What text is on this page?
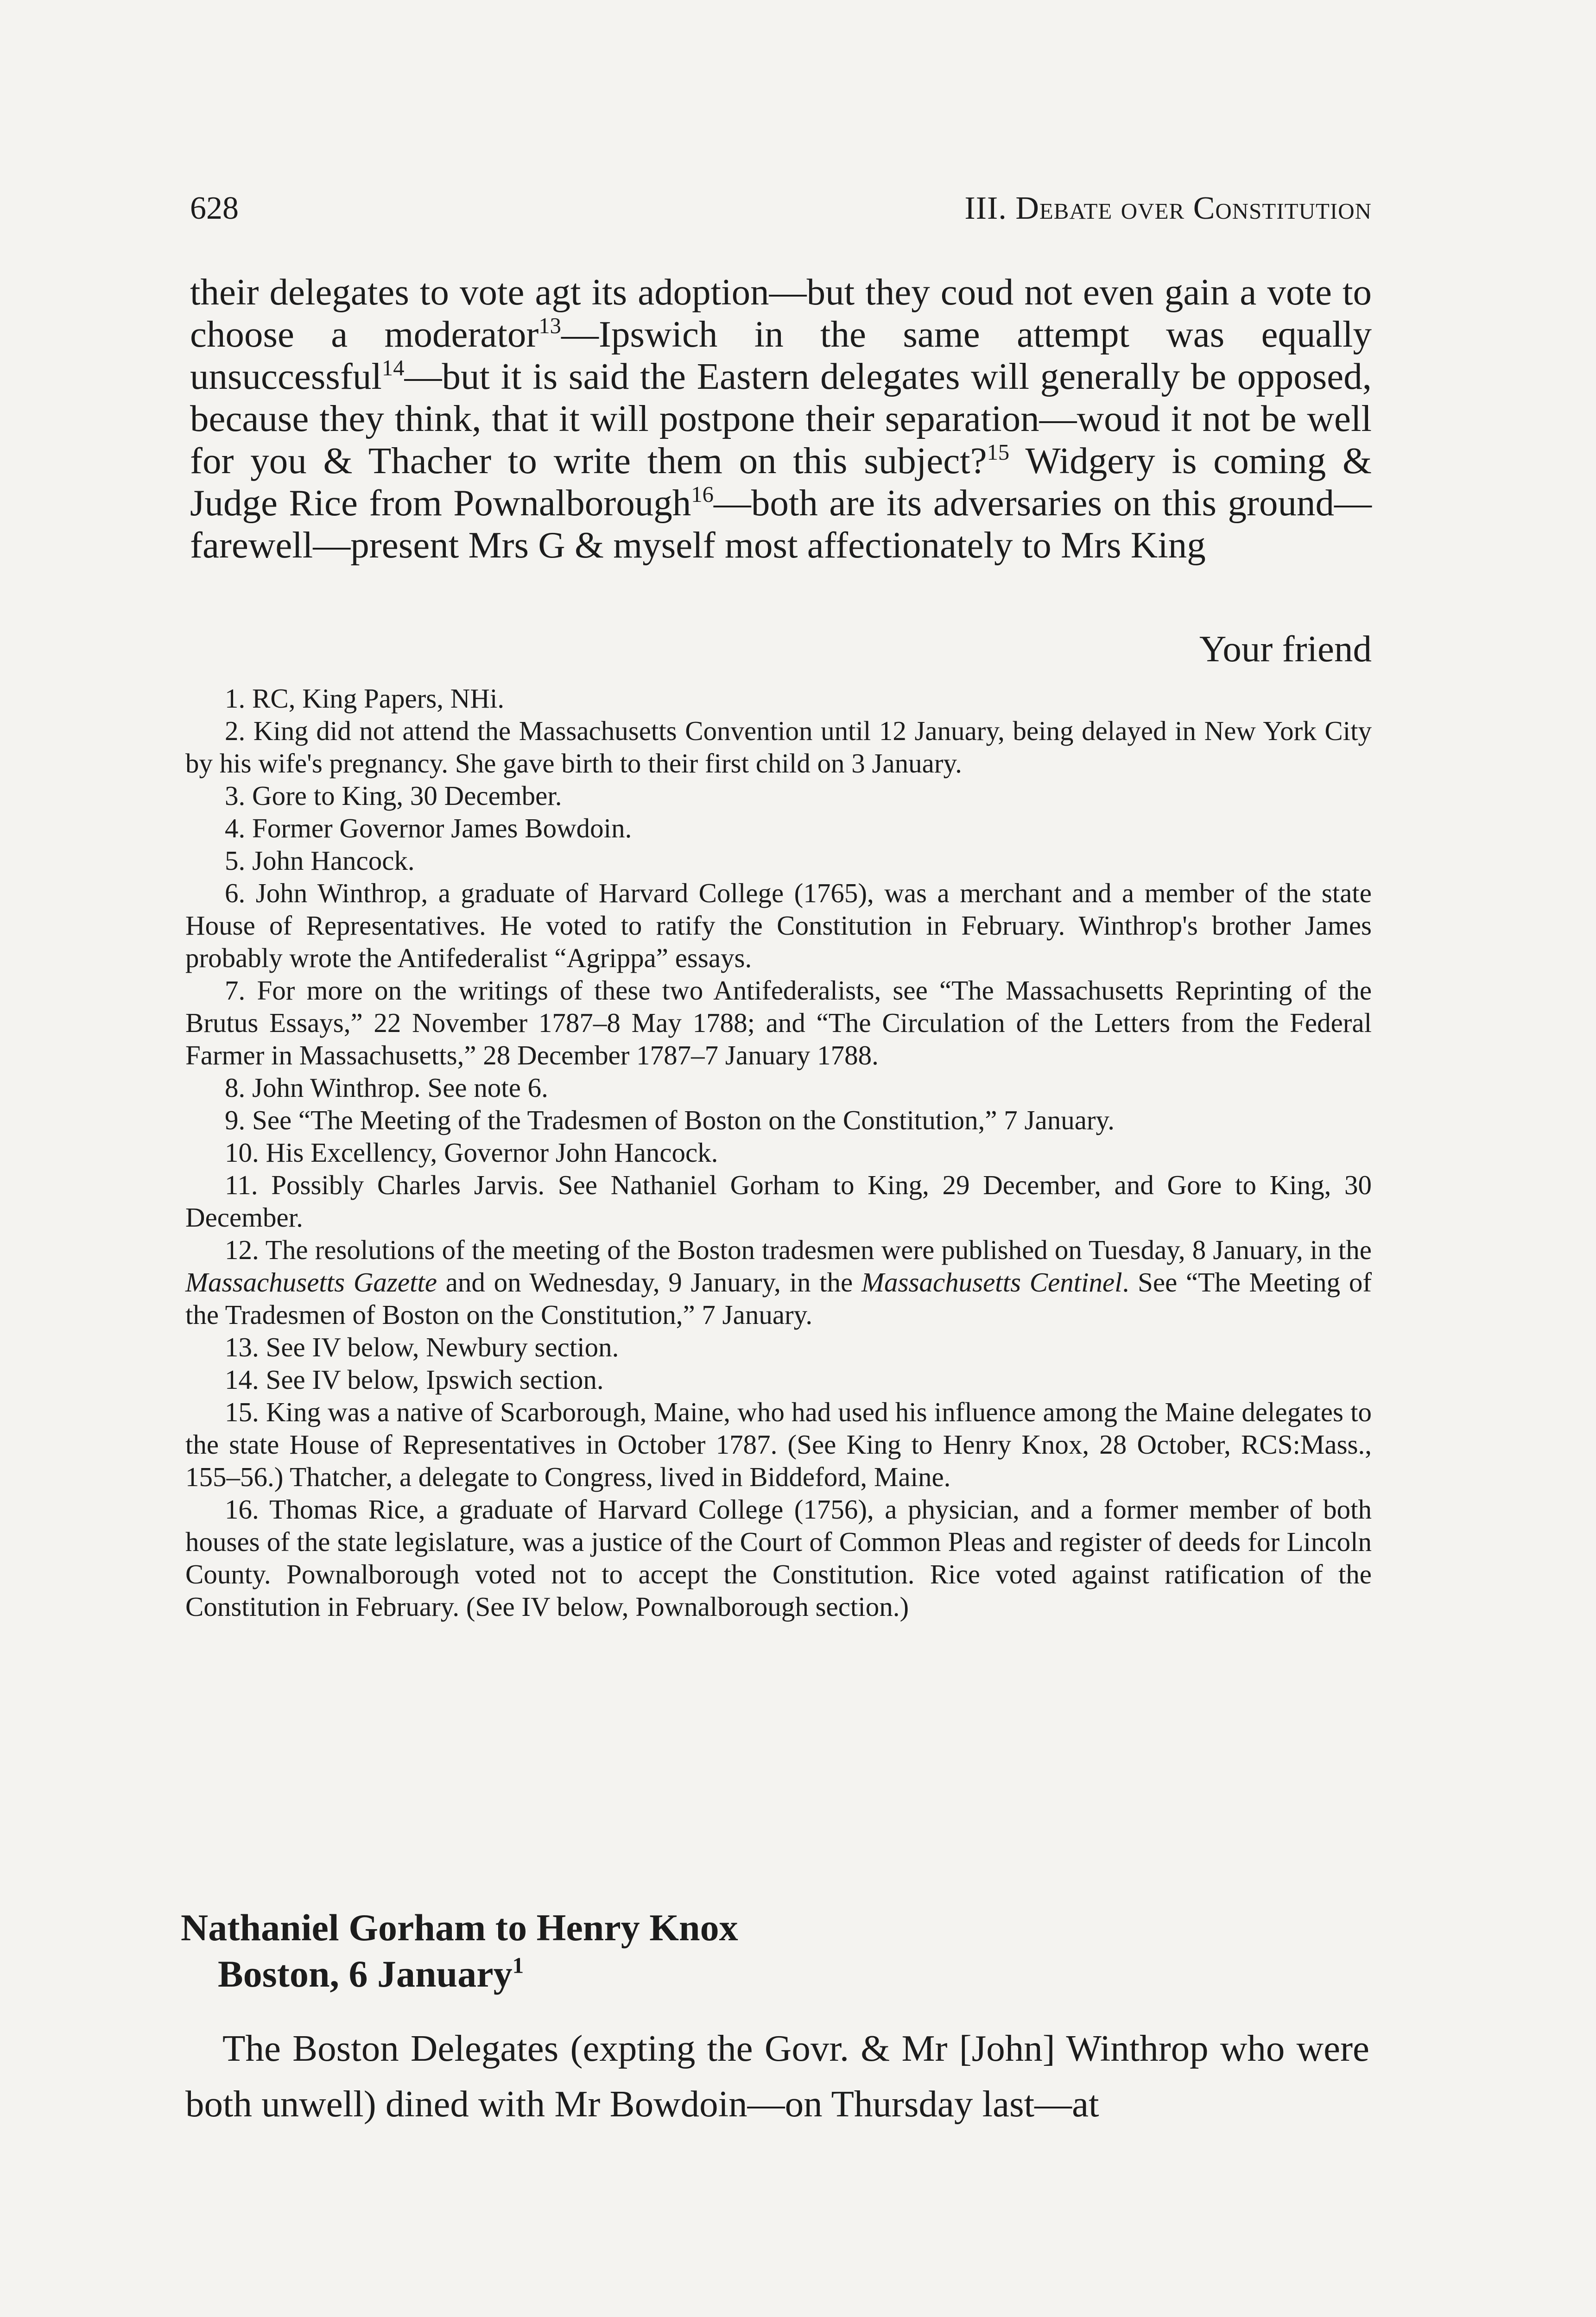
628	III. Debate over Constitution
their delegates to vote agt its adoption—but they coud not even gain a vote to choose a moderator$^{13}$—Ipswich in the same attempt was equally unsuccessful$^{14}$—but it is said the Eastern delegates will generally be opposed, because they think, that it will postpone their separation—woud it not be well for you & Thacher to write them on this subject?$^{15}$ Widgery is coming & Judge Rice from Pownalborough$^{16}$—both are its adversaries on this ground—farewell—present Mrs G & myself most affectionately to Mrs King
Your friend

1. RC, King Papers, NHi.

2. King did not attend the Massachusetts Convention until 12 January, being delayed in New York City by his wife's pregnancy. She gave birth to their first child on 3 January.

3. Gore to King, 30 December.

4. Former Governor James Bowdoin.

5. John Hancock.

6. John Winthrop, a graduate of Harvard College (1765), was a merchant and a member of the state House of Representatives. He voted to ratify the Constitution in February. Winthrop's brother James probably wrote the Antifederalist “Agrippa” essays.

7. For more on the writings of these two Antifederalists, see “The Massachusetts Reprinting of the Brutus Essays,” 22 November 1787–8 May 1788; and “The Circulation of the Letters from the Federal Farmer in Massachusetts,” 28 December 1787–7 January 1788.

8. John Winthrop. See note 6.

9. See “The Meeting of the Tradesmen of Boston on the Constitution,” 7 January.

10. His Excellency, Governor John Hancock.

11. Possibly Charles Jarvis. See Nathaniel Gorham to King, 29 December, and Gore to King, 30 December.

12. The resolutions of the meeting of the Boston tradesmen were published on Tuesday, 8 January, in the Massachusetts Gazette and on Wednesday, 9 January, in the Massachusetts Centinel. See “The Meeting of the Tradesmen of Boston on the Constitution,” 7 January.

13. See IV below, Newbury section.

14. See IV below, Ipswich section.

15. King was a native of Scarborough, Maine, who had used his influence among the Maine delegates to the state House of Representatives in October 1787. (See King to Henry Knox, 28 October, RCS:Mass., 155–56.) Thatcher, a delegate to Congress, lived in Biddeford, Maine.

16. Thomas Rice, a graduate of Harvard College (1756), a physician, and a former member of both houses of the state legislature, was a justice of the Court of Common Pleas and register of deeds for Lincoln County. Pownalborough voted not to accept the Constitution. Rice voted against ratification of the Constitution in February. (See IV below, Pownalborough section.)

Nathaniel Gorham to Henry Knox
Boston, 6 January$^1$
The Boston Delegates (expting the Govr. & Mr [John] Winthrop who were both unwell) dined with Mr Bowdoin—on Thursday last—at
